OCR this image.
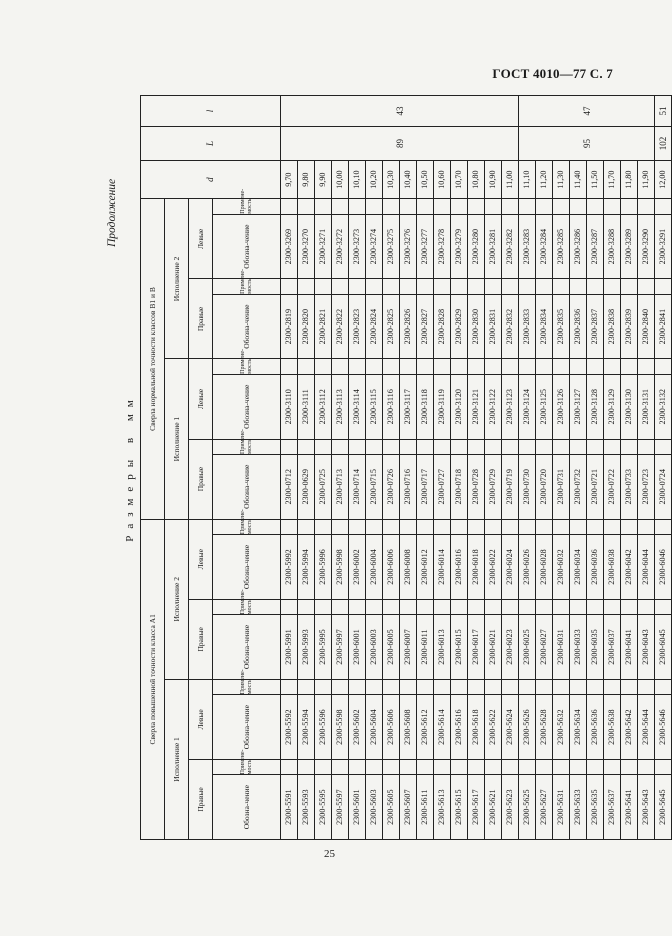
ГОСТ 4010—77 С. 7
Продолжение
Размеры в мм
Сверла повышенной точности класса А1								Сверла нормальной точности классов В1 и В								d	L	l
Исполнение 1				Исполнение 2				Исполнение 1				Исполнение 2						
Правые		Левые		Правые		Левые		Правые		Левые		Правые		Левые				
Обозна-чение	Примене-мость	Обозна-чение	Примене-мость	Обозна-чение	Примене-мость	Обозна-чение	Примене-мость	Обозна-чение	Примене-мость	Обозна-чение	Примене-мость	Обозна-чение	Примене-мость	Обозна-чение	Примене-мость			
2300-5591		2300-5592		2300-5991		2300-5992		2300-0712		2300-3110		2300-2819		2300-3269		9,70	89	43
2300-5593		2300-5594		2300-5993		2300-5994		2300-0629		2300-3111		2300-2820		2300-3270		9,80		
2300-5595		2300-5596		2300-5995		2300-5996		2300-0725		2300-3112		2300-2821		2300-3271		9,90		
2300-5597		2300-5598		2300-5997		2300-5998		2300-0713		2300-3113		2300-2822		2300-3272		10,00		
2300-5601		2300-5602		2300-6001		2300-6002		2300-0714		2300-3114		2300-2823		2300-3273		10,10		
2300-5603		2300-5604		2300-6003		2300-6004		2300-0715		2300-3115		2300-2824		2300-3274		10,20		
2300-5605		2300-5606		2300-6005		2300-6006		2300-0726		2300-3116		2300-2825		2300-3275		10,30		
2300-5607		2300-5608		2300-6007		2300-6008		2300-0716		2300-3117		2300-2826		2300-3276		10,40		
2300-5611		2300-5612		2300-6011		2300-6012		2300-0717		2300-3118		2300-2827		2300-3277		10,50		
2300-5613		2300-5614		2300-6013		2300-6014		2300-0727		2300-3119		2300-2828		2300-3278		10,60		
2300-5615		2300-5616		2300-6015		2300-6016		2300-0718		2300-3120		2300-2829		2300-3279		10,70		
2300-5617		2300-5618		2300-6017		2300-6018		2300-0728		2300-3121		2300-2830		2300-3280		10,80		
2300-5621		2300-5622		2300-6021		2300-6022		2300-0729		2300-3122		2300-2831		2300-3281		10,90		
2300-5623		2300-5624		2300-6023		2300-6024		2300-0719		2300-3123		2300-2832		2300-3282		11,00		
2300-5625		2300-5626		2300-6025		2300-6026		2300-0730		2300-3124		2300-2833		2300-3283		11,10	95	47
2300-5627		2300-5628		2300-6027		2300-6028		2300-0720		2300-3125		2300-2834		2300-3284		11,20		
2300-5631		2300-5632		2300-6031		2300-6032		2300-0731		2300-3126		2300-2835		2300-3285		11,30		
2300-5633		2300-5634		2300-6033		2300-6034		2300-0732		2300-3127		2300-2836		2300-3286		11,40		
2300-5635		2300-5636		2300-6035		2300-6036		2300-0721		2300-3128		2300-2837		2300-3287		11,50		
2300-5637		2300-5638		2300-6037		2300-6038		2300-0722		2300-3129		2300-2838		2300-3288		11,70		
2300-5641		2300-5642		2300-6041		2300-6042		2300-0733		2300-3130		2300-2839		2300-3289		11,80		
2300-5643		2300-5644		2300-6043		2300-6044		2300-0723		2300-3131		2300-2840		2300-3290		11,90		
2300-5645		2300-5646		2300-6045		2300-6046		2300-0724		2300-3132		2300-2841		2300-3291		12,00	102	51
25
